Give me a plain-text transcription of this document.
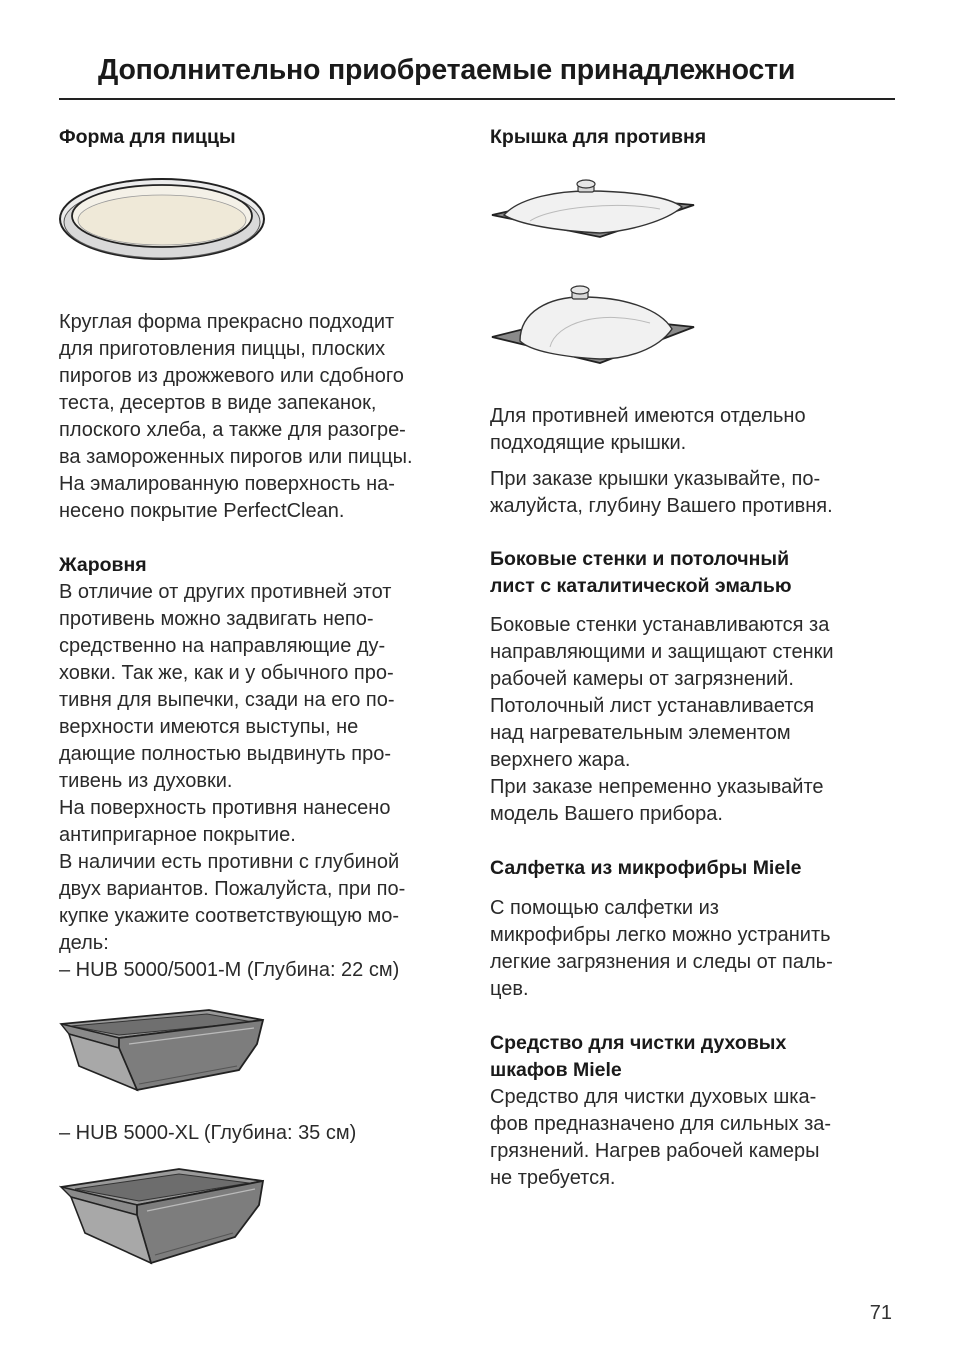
Дополнительно приобретаемые принадлежности
Форма для пиццы
Круглая форма прекрасно подходит
для приготовления пиццы, плоских
пирогов из дрожжевого или сдобного
теста, десертов в виде запеканок,
плоского хлеба, а также для разогре-
ва замороженных пирогов или пиццы.
На эмалированную поверхность на-
несено покрытие PerfectClean.
Жаровня
В отличие от других противней этот
противень можно задвигать непо-
средственно на направляющие ду-
ховки. Так же, как и у обычного про-
тивня для выпечки, сзади на его по-
верхности имеются выступы, не
дающие полностью выдвинуть про-
тивень из духовки.
На поверхность противня нанесено
антипригарное покрытие.
В наличии есть противни с глубиной
двух вариантов. Пожалуйста, при по-
купке укажите соответствующую мо-
дель:
– HUB 5000/5001-M (Глубина: 22 см)
– HUB 5000-XL (Глубина: 35 см)
Крышка для противня
Для противней имеются отдельно
подходящие крышки.
При заказе крышки указывайте, по-
жалуйста, глубину Вашего противня.
Боковые стенки и потолочный
лист с каталитической эмалью
Боковые стенки устанавливаются за
направляющими и защищают стенки
рабочей камеры от загрязнений.
Потолочный лист устанавливается
над нагревательным элементом
верхнего жара.
При заказе непременно указывайте
модель Вашего прибора.
Салфетка из микрофибры Miele
С помощью салфетки из
микрофибры легко можно устранить
легкие загрязнения и следы от паль-
цев.
Средство для чистки духовых
шкафов Miele
Средство для чистки духовых шка-
фов предназначено для сильных за-
грязнений. Нагрев рабочей камеры
не требуется.
71
